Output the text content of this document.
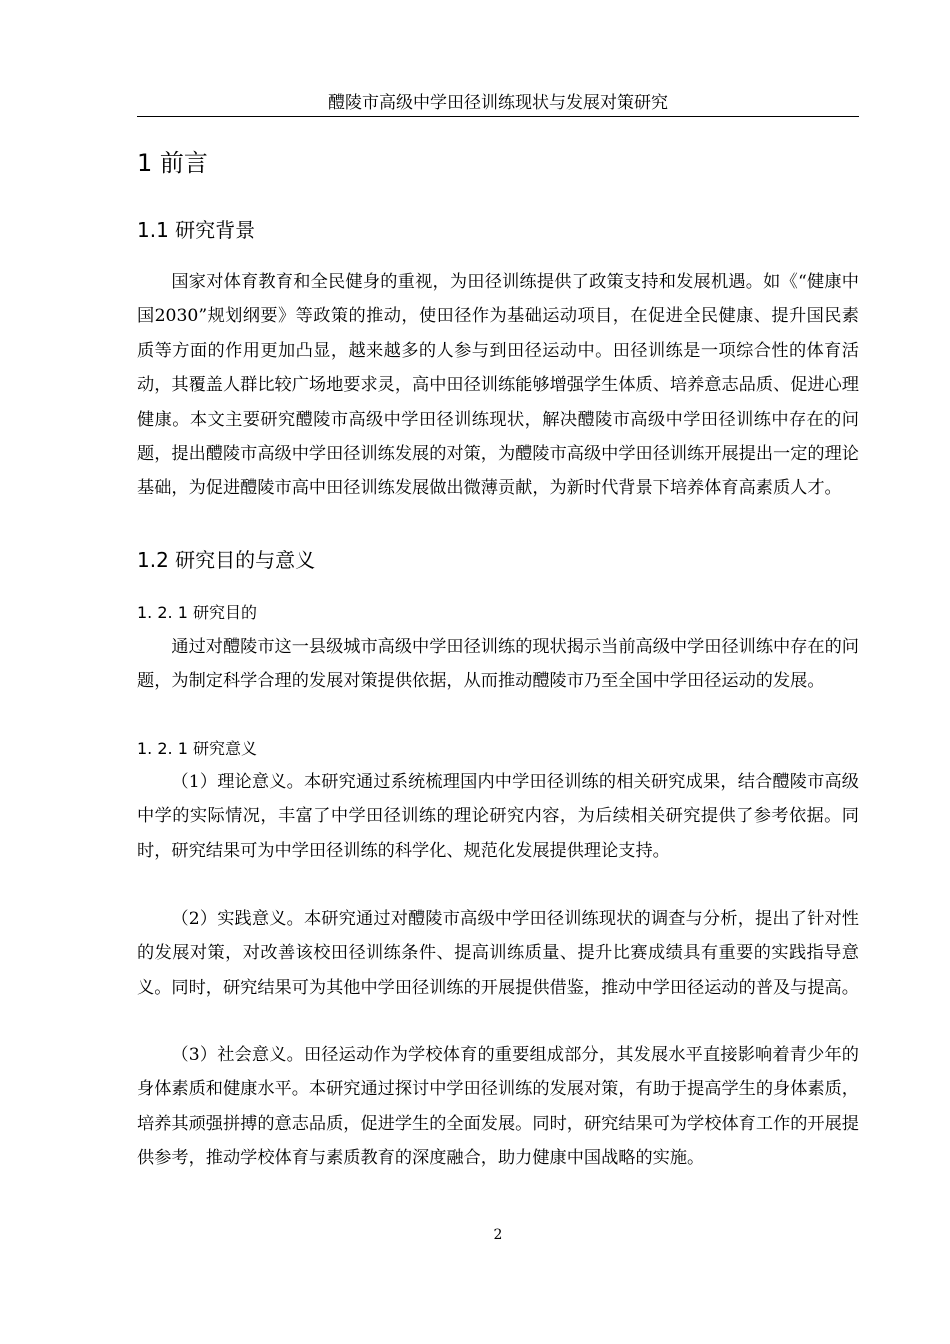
醴陵市高级中学田径训练现状与发展对策研究
1 前言
1.1 研究背景

国家对体育教育和全民健身的重视，为田径训练提供了政策支持和发展机遇。如《“健康中国2030”规划纲要》等政策的推动，使田径作为基础运动项目，在促进全民健康、提升国民素质等方面的作用更加凸显，越来越多的人参与到田径运动中。田径训练是一项综合性的体育活动，其覆盖人群比较广场地要求灵，高中田径训练能够增强学生体质、培养意志品质、促进心理健康。本文主要研究醴陵市高级中学田径训练现状，解决醴陵市高级中学田径训练中存在的问题，提出醴陵市高级中学田径训练发展的对策，为醴陵市高级中学田径训练开展提出一定的理论基础，为促进醴陵市高中田径训练发展做出微薄贡献，为新时代背景下培养体育高素质人才。

1.2 研究目的与意义
1. 2. 1 研究目的

通过对醴陵市这一县级城市高级中学田径训练的现状揭示当前高级中学田径训练中存在的问题，为制定科学合理的发展对策提供依据，从而推动醴陵市乃至全国中学田径运动的发展。

1. 2. 1 研究意义

（1）理论意义。本研究通过系统梳理国内中学田径训练的相关研究成果，结合醴陵市高级中学的实际情况，丰富了中学田径训练的理论研究内容，为后续相关研究提供了参考依据。同时，研究结果可为中学田径训练的科学化、规范化发展提供理论支持。

（2）实践意义。本研究通过对醴陵市高级中学田径训练现状的调查与分析，提出了针对性的发展对策，对改善该校田径训练条件、提高训练质量、提升比赛成绩具有重要的实践指导意义。同时，研究结果可为其他中学田径训练的开展提供借鉴，推动中学田径运动的普及与提高。

（3）社会意义。田径运动作为学校体育的重要组成部分，其发展水平直接影响着青少年的身体素质和健康水平。本研究通过探讨中学田径训练的发展对策，有助于提高学生的身体素质，培养其顽强拼搏的意志品质，促进学生的全面发展。同时，研究结果可为学校体育工作的开展提供参考，推动学校体育与素质教育的深度融合，助力健康中国战略的实施。

2
